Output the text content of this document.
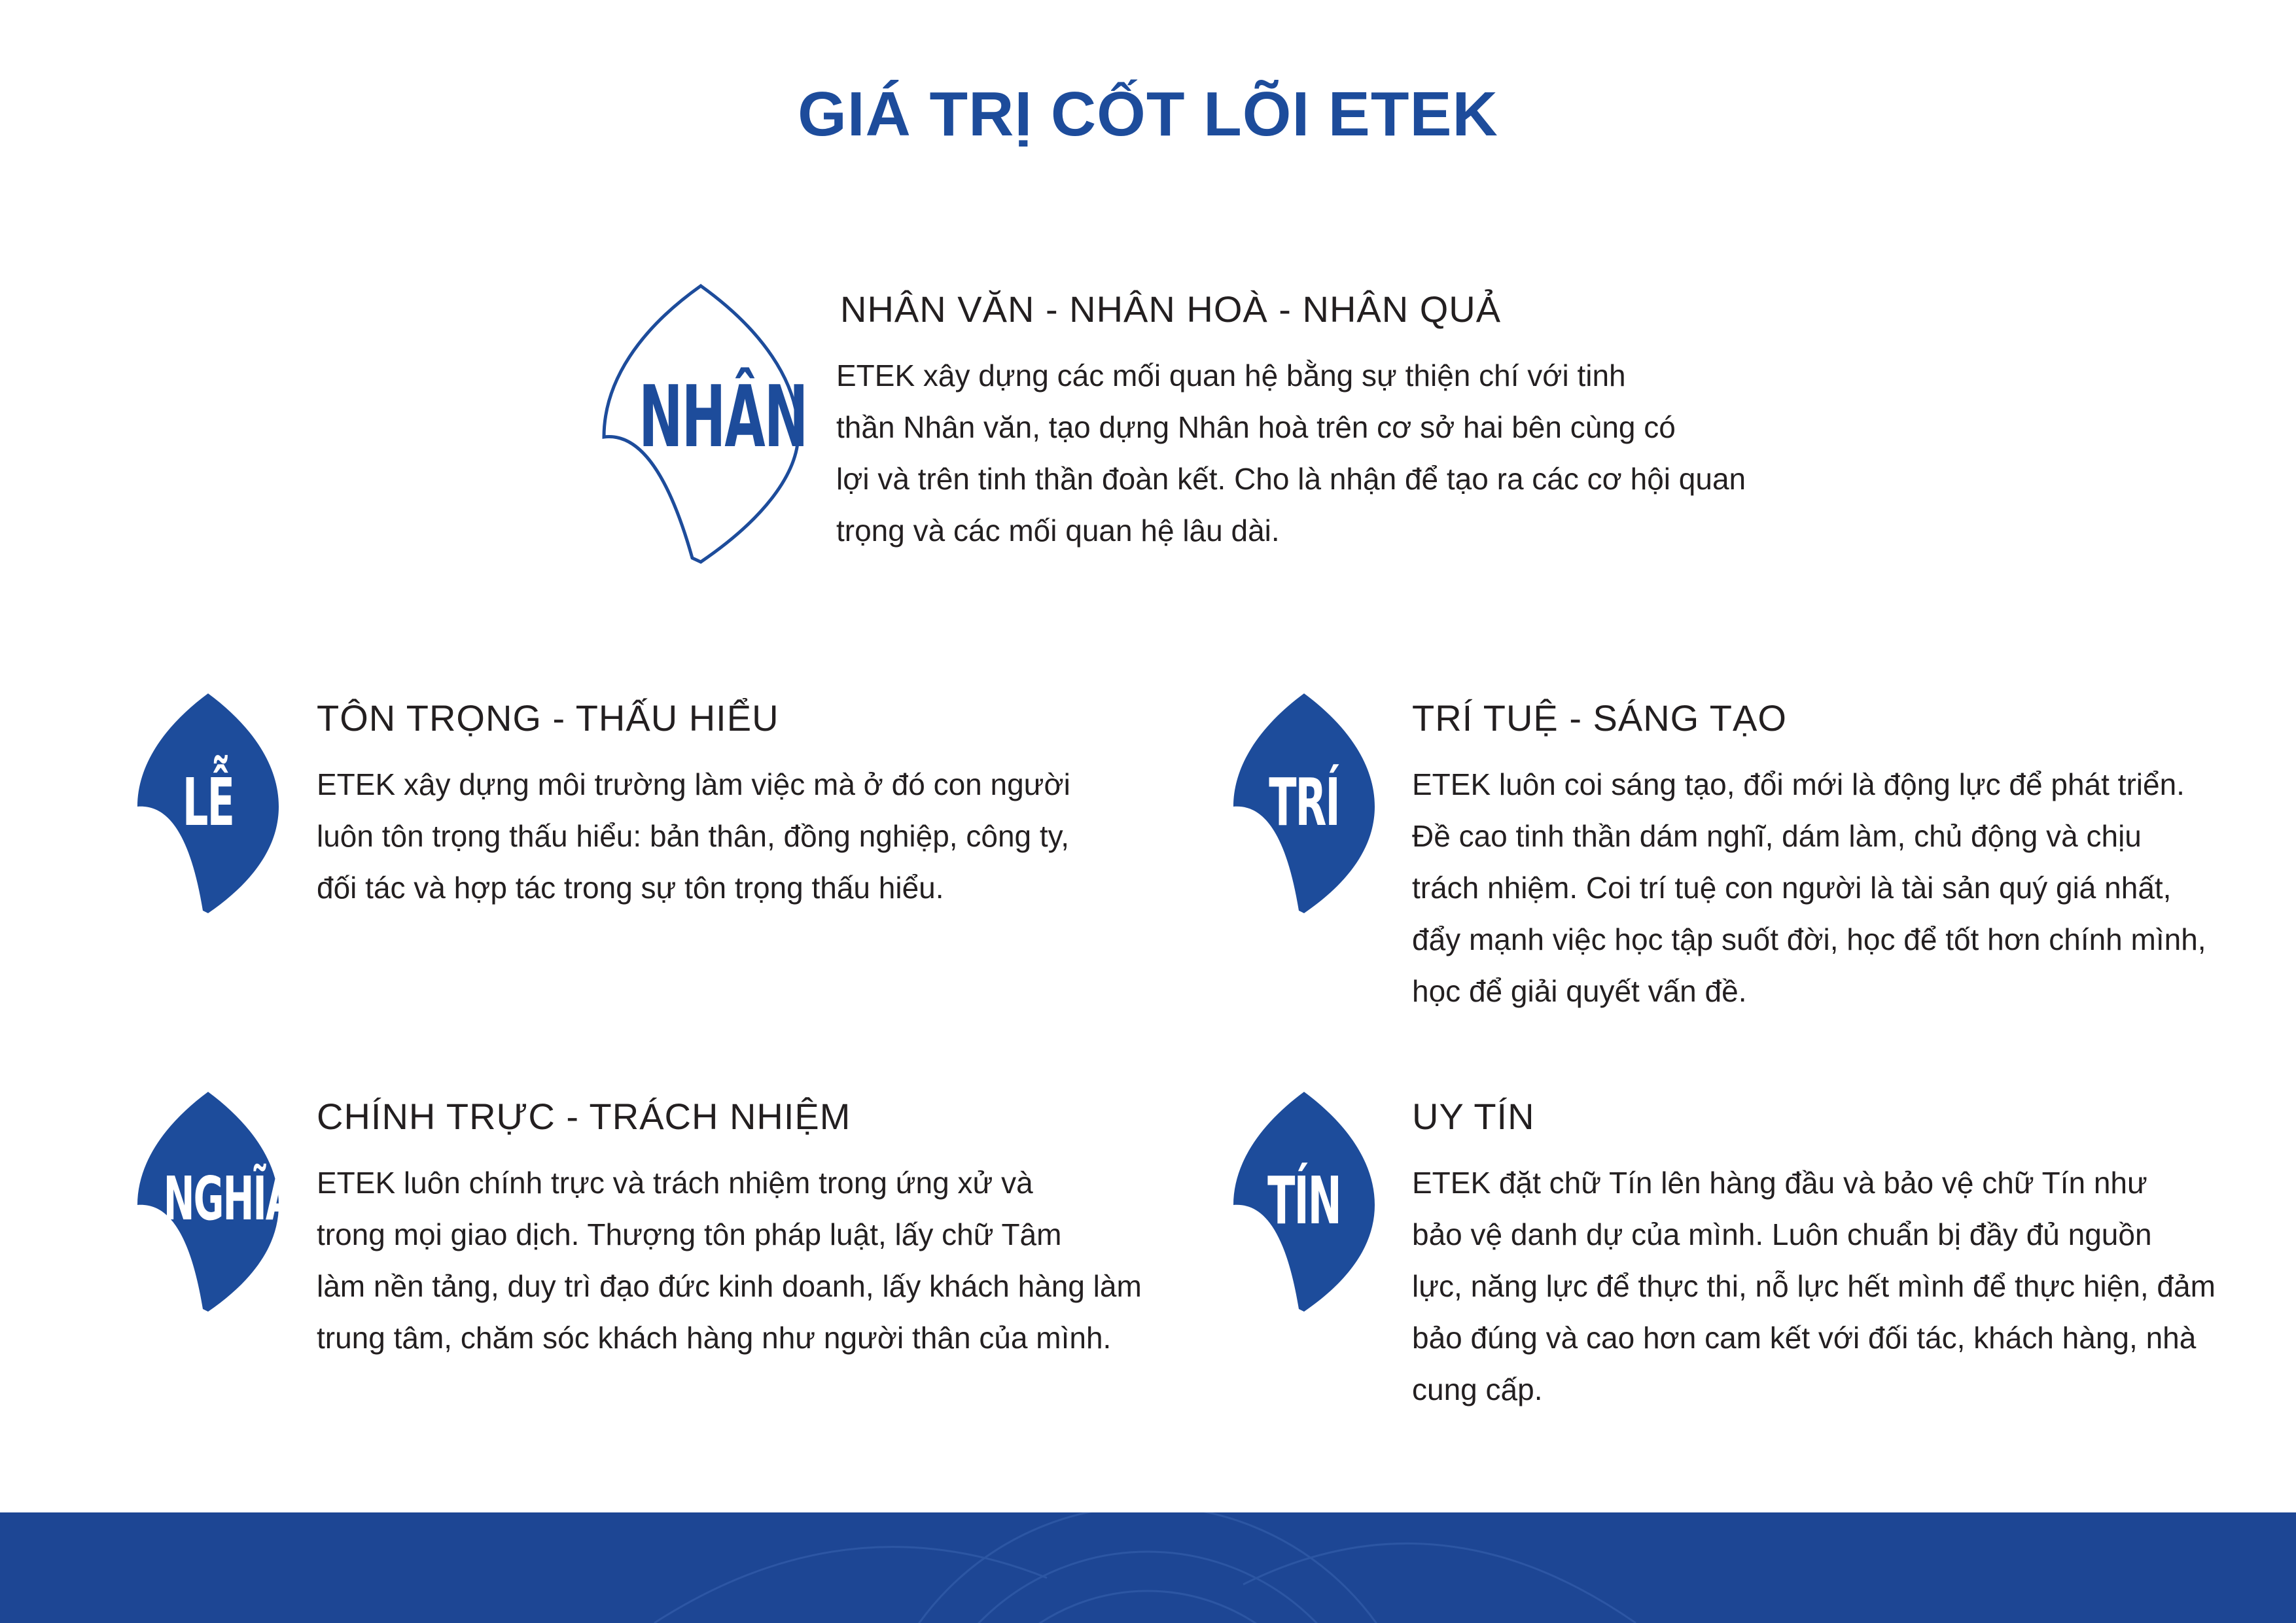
GIÁ TRỊ CỐT LÕI ETEK
NHÂN
NHÂN VĂN - NHÂN HOÀ - NHÂN QUẢ

ETEK xây dựng các mối quan hệ bằng sự thiện chí với tinh
thần Nhân văn, tạo dựng Nhân hoà trên cơ sở hai bên cùng có
lợi và trên tinh thần đoàn kết. Cho là nhận để tạo ra các cơ hội quan
trọng và các mối quan hệ lâu dài.

LỄ
TÔN TRỌNG - THẤU HIỂU

ETEK xây dựng môi trường làm việc mà ở đó con người
luôn tôn trọng thấu hiểu: bản thân, đồng nghiệp, công ty,
đối tác và hợp tác trong sự tôn trọng thấu hiểu.

TRÍ
TRÍ TUỆ - SÁNG TẠO

ETEK luôn coi sáng tạo, đổi mới là động lực để phát triển.
Đề cao tinh thần dám nghĩ, dám làm, chủ động và chịu
trách nhiệm. Coi trí tuệ con người là tài sản quý giá nhất,
đẩy mạnh việc học tập suốt đời, học để tốt hơn chính mình,
học để giải quyết vấn đề.

NGHĨA
CHÍNH TRỰC - TRÁCH NHIỆM

ETEK luôn chính trực và trách nhiệm trong ứng xử và
trong mọi giao dịch. Thượng tôn pháp luật, lấy chữ Tâm
làm nền tảng, duy trì đạo đức kinh doanh, lấy khách hàng làm
trung tâm, chăm sóc khách hàng như người thân của mình.

TÍN
UY TÍN

ETEK đặt chữ Tín lên hàng đầu và bảo vệ chữ Tín như
bảo vệ danh dự của mình. Luôn chuẩn bị đầy đủ nguồn
lực, năng lực để thực thi, nỗ lực hết mình để thực hiện, đảm
bảo đúng và cao hơn cam kết với đối tác, khách hàng, nhà
cung cấp.
